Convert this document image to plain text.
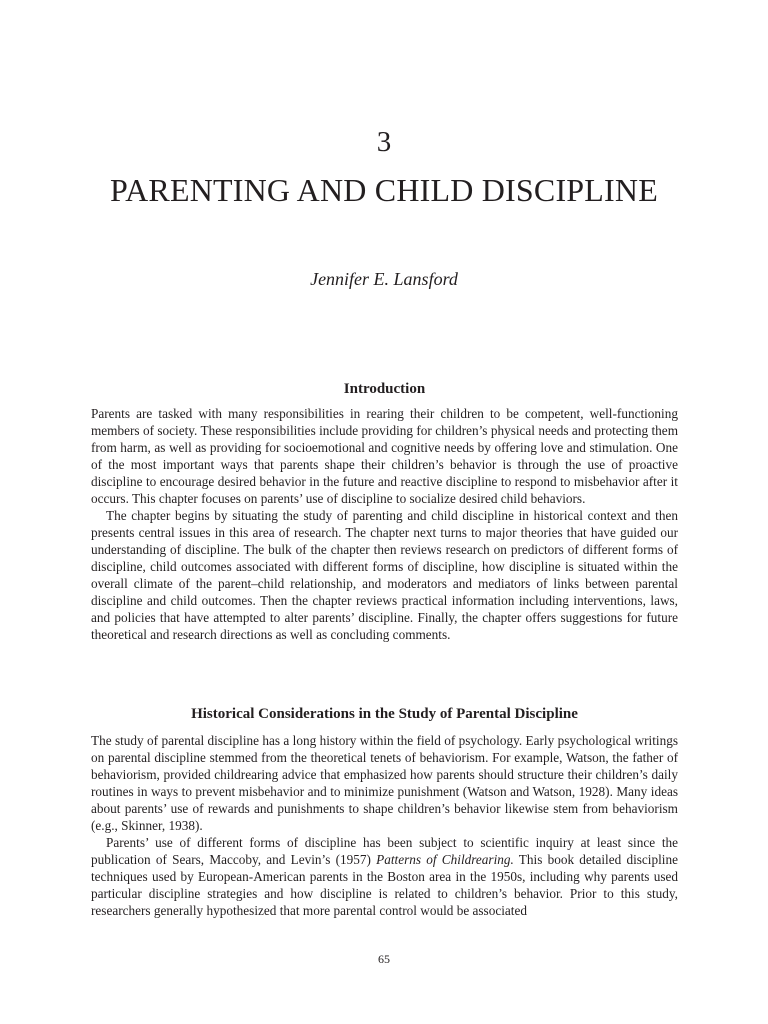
3
PARENTING AND CHILD DISCIPLINE
Jennifer E. Lansford
Introduction

Parents are tasked with many responsibilities in rearing their children to be competent, well-functioning members of society. These responsibilities include providing for children’s physical needs and protecting them from harm, as well as providing for socioemotional and cognitive needs by offering love and stimulation. One of the most important ways that parents shape their children’s behavior is through the use of proactive discipline to encourage desired behavior in the future and reactive discipline to respond to misbehavior after it occurs. This chapter focuses on parents’ use of discipline to socialize desired child behaviors.

The chapter begins by situating the study of parenting and child discipline in historical context and then presents central issues in this area of research. The chapter next turns to major theories that have guided our understanding of discipline. The bulk of the chapter then reviews research on predictors of different forms of discipline, child outcomes associated with different forms of discipline, how discipline is situated within the overall climate of the parent–child relationship, and moderators and mediators of links between parental discipline and child outcomes. Then the chapter reviews practical information including interventions, laws, and policies that have attempted to alter parents’ discipline. Finally, the chapter offers suggestions for future theoretical and research directions as well as concluding comments.

Historical Considerations in the Study of Parental Discipline

The study of parental discipline has a long history within the field of psychology. Early psychological writings on parental discipline stemmed from the theoretical tenets of behaviorism. For example, Watson, the father of behaviorism, provided childrearing advice that emphasized how parents should structure their children’s daily routines in ways to prevent misbehavior and to minimize punishment (Watson and Watson, 1928). Many ideas about parents’ use of rewards and punishments to shape children’s behavior likewise stem from behaviorism (e.g., Skinner, 1938).

Parents’ use of different forms of discipline has been subject to scientific inquiry at least since the publication of Sears, Maccoby, and Levin’s (1957) Patterns of Childrearing. This book detailed discipline techniques used by European-American parents in the Boston area in the 1950s, including why parents used particular discipline strategies and how discipline is related to children’s behavior. Prior to this study, researchers generally hypothesized that more parental control would be associated

65
